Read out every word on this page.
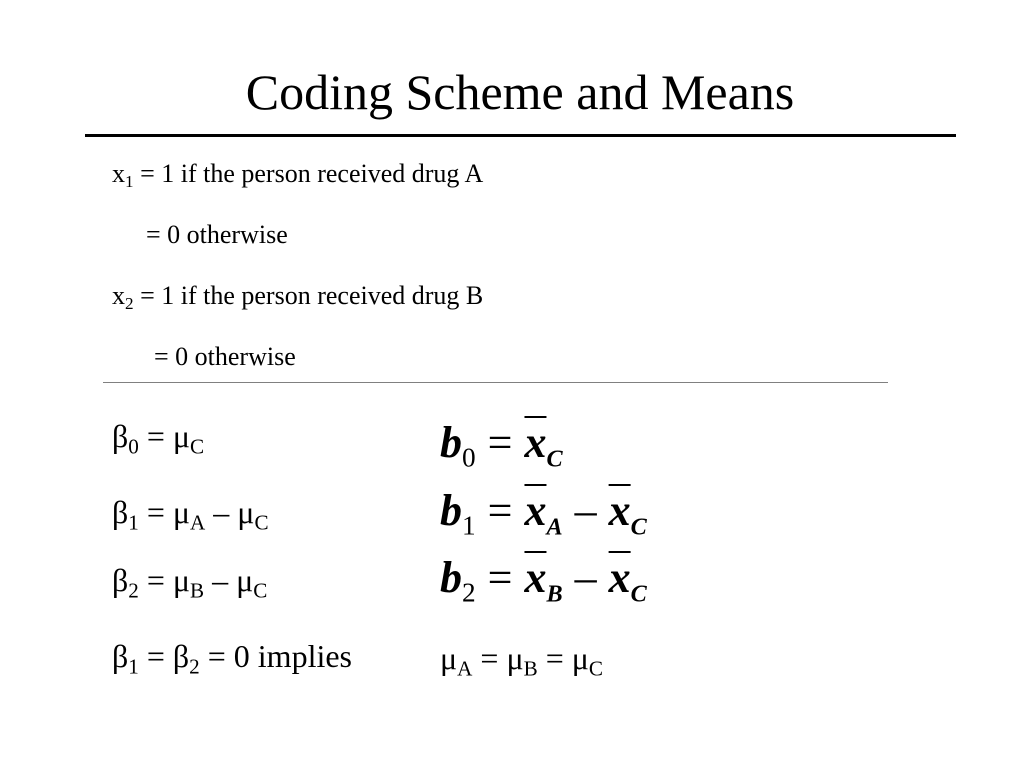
Coding Scheme and Means
$x_1 = 1$ if the person received drug A
= 0 otherwise
$x_2 = 1$ if the person received drug B
= 0 otherwise
$\beta_0 = \mu_C$
$\beta_1 = \mu_A - \mu_C$
$\beta_2 = \mu_B - \mu_C$
$b_0 = \overline{x}_C$
$b_1 = \overline{x}_A - \overline{x}_C$
$b_2 = \overline{x}_B - \overline{x}_C$
$\beta_1 = \beta_2 = 0$ implies	$\mu_A = \mu_B = \mu_C$
